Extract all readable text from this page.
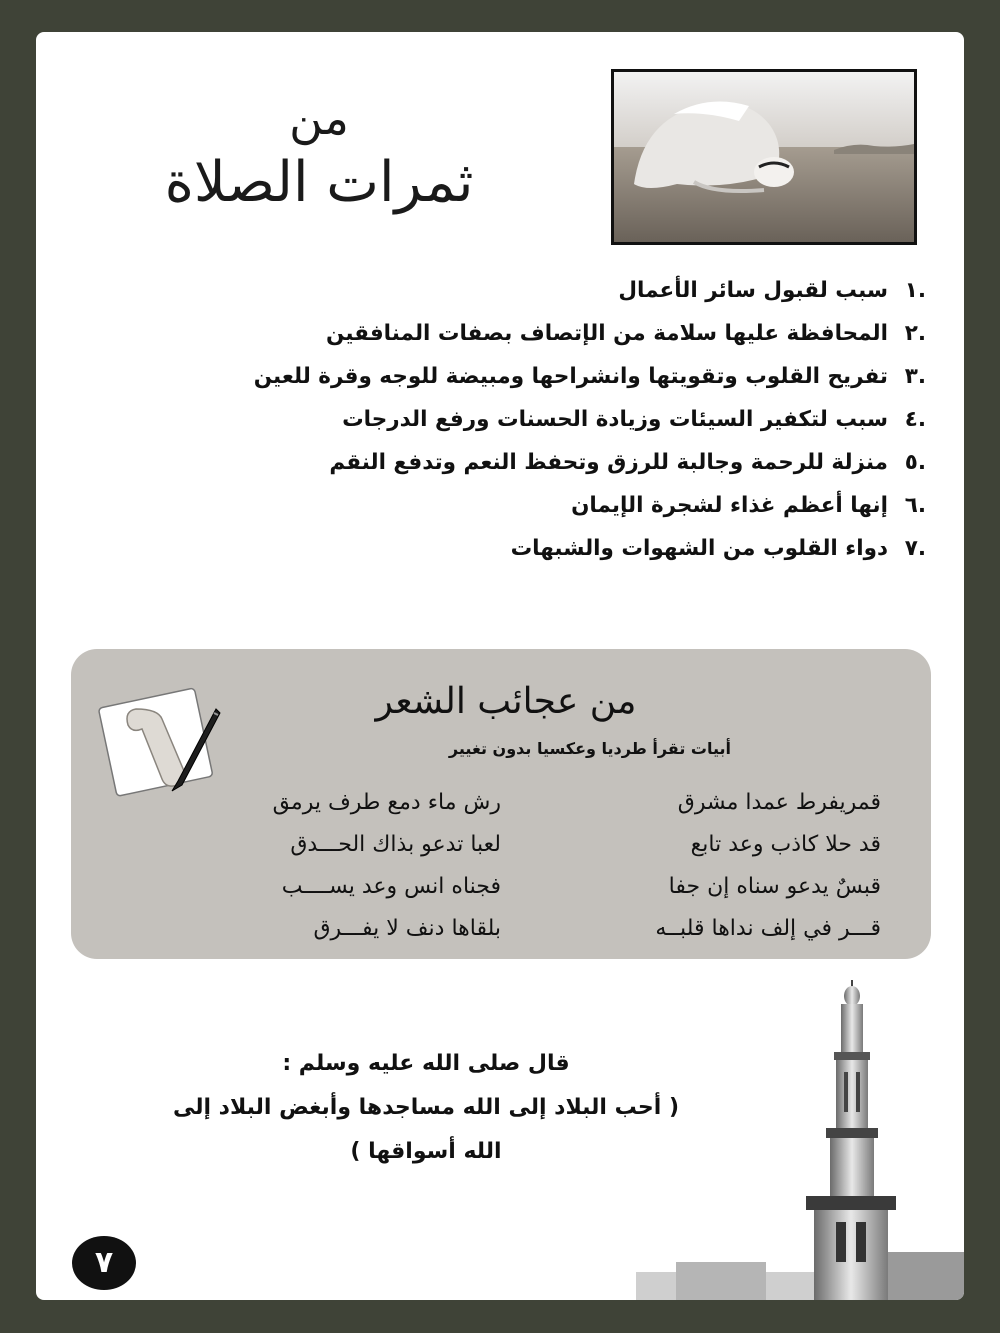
من
ثمرات الصلاة
.١سبب لقبول سائر الأعمال
.٢المحافظة عليها سلامة من الإتصاف بصفات المنافقين
.٣تفريح القلوب وتقويتها وانشراحها ومبيضة للوجه وقرة للعين
.٤سبب لتكفير السيئات وزيادة الحسنات ورفع الدرجات
.٥منزلة للرحمة وجالبة للرزق وتحفظ النعم وتدفع النقم
.٦إنها أعظم غذاء لشجرة الإيمان
.٧دواء القلوب من الشهوات والشبهات
من عجائب الشعر
أبيات تقرأ طرديا وعكسيا بدون تغيير
قمريفرط عمدا مشرق
رش ماء دمع طرف يرمق
قد حلا كاذب وعد تابع
لعبا تدعو بذاك الحـــدق
قبسٌ يدعو سناه إن جفا
فجناه انس وعد يســــب
قـــر في إلف نداها قلبــه
بلقاها دنف لا يفـــرق
قال صلى الله عليه وسلم :
( أحب البلاد إلى الله مساجدها وأبغض البلاد إلى
الله أسواقها )
٧
